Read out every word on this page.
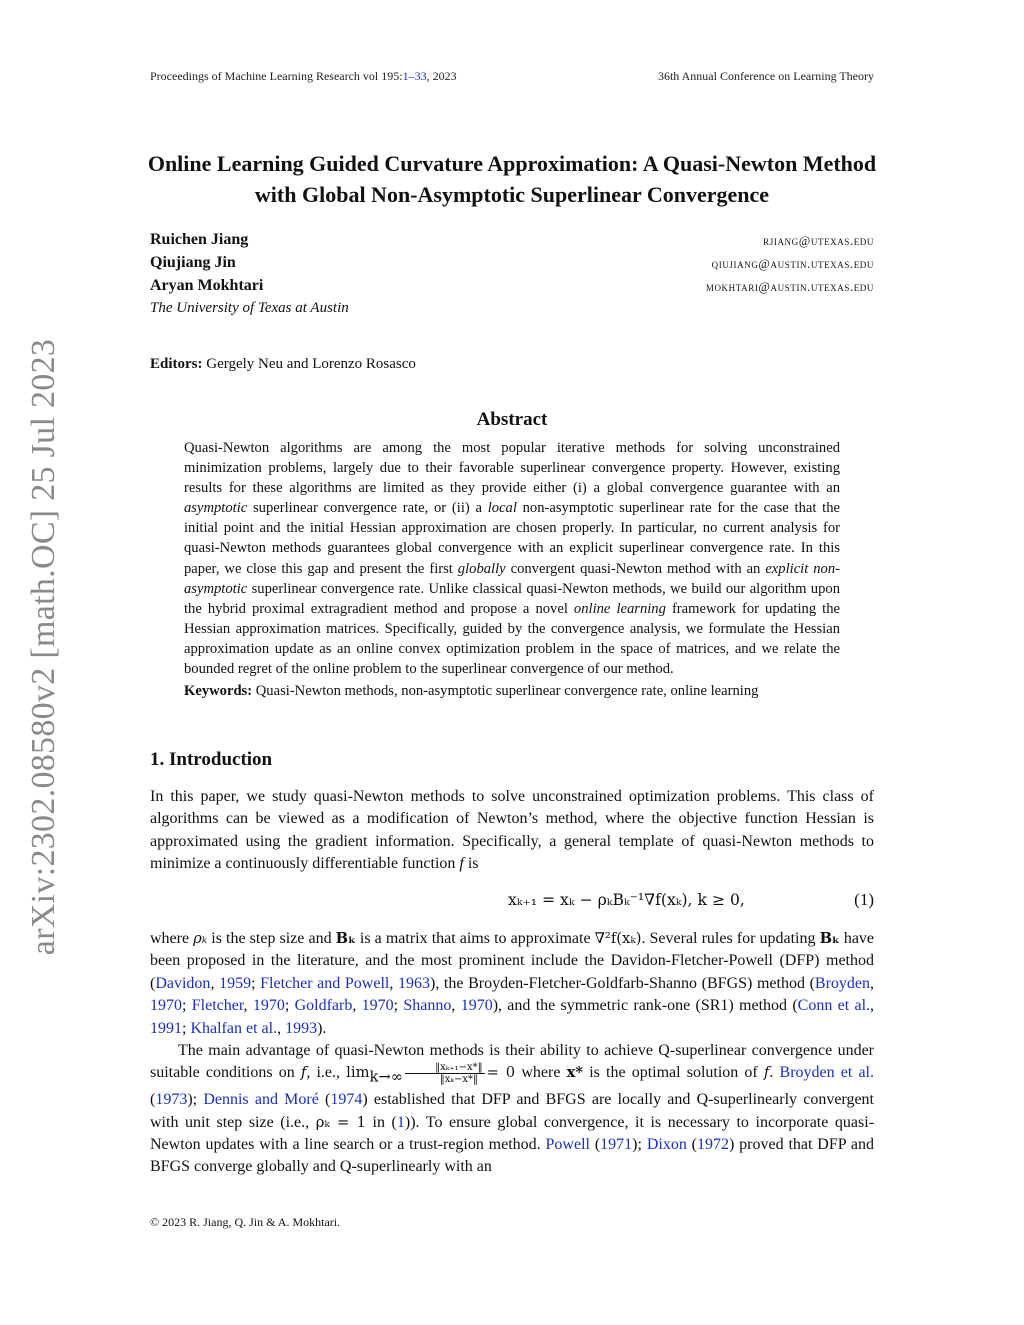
arXiv:2302.08580v2 [math.OC] 25 Jul 2023
Proceedings of Machine Learning Research vol 195:1–33, 2023	36th Annual Conference on Learning Theory
Online Learning Guided Curvature Approximation: A Quasi-Newton Method with Global Non-Asymptotic Superlinear Convergence
Ruichen Jiang	rjiang@utexas.edu
Qiujiang Jin	qiujiang@austin.utexas.edu
Aryan Mokhtari	mokhtari@austin.utexas.edu
The University of Texas at Austin
Editors: Gergely Neu and Lorenzo Rosasco
Abstract

Quasi-Newton algorithms are among the most popular iterative methods for solving unconstrained minimization problems, largely due to their favorable superlinear convergence property. However, existing results for these algorithms are limited as they provide either (i) a global convergence guarantee with an asymptotic superlinear convergence rate, or (ii) a local non-asymptotic superlinear rate for the case that the initial point and the initial Hessian approximation are chosen properly. In particular, no current analysis for quasi-Newton methods guarantees global convergence with an explicit superlinear convergence rate. In this paper, we close this gap and present the first globally convergent quasi-Newton method with an explicit non-asymptotic superlinear convergence rate. Unlike classical quasi-Newton methods, we build our algorithm upon the hybrid proximal extragradient method and propose a novel online learning framework for updating the Hessian approximation matrices. Specifically, guided by the convergence analysis, we formulate the Hessian approximation update as an online convex optimization problem in the space of matrices, and we relate the bounded regret of the online problem to the superlinear convergence of our method.

Keywords: Quasi-Newton methods, non-asymptotic superlinear convergence rate, online learning

1. Introduction

In this paper, we study quasi-Newton methods to solve unconstrained optimization problems. This class of algorithms can be viewed as a modification of Newton’s method, where the objective function Hessian is approximated using the gradient information. Specifically, a general template of quasi-Newton methods to minimize a continuously differentiable function f is

xₖ₊₁ = xₖ − ρₖBₖ⁻¹∇f(xₖ), k ≥ 0,	(1)

where ρₖ is the step size and Bₖ is a matrix that aims to approximate ∇²f(xₖ). Several rules for updating Bₖ have been proposed in the literature, and the most prominent include the Davidon-Fletcher-Powell (DFP) method (Davidon, 1959; Fletcher and Powell, 1963), the Broyden-Fletcher-Goldfarb-Shanno (BFGS) method (Broyden, 1970; Fletcher, 1970; Goldfarb, 1970; Shanno, 1970), and the symmetric rank-one (SR1) method (Conn et al., 1991; Khalfan et al., 1993).

The main advantage of quasi-Newton methods is their ability to achieve Q-superlinear convergence under suitable conditions on f, i.e., $\lim_{k\to\infty} \frac{\text{‖xₖ₊₁−x*‖}}{\text{‖xₖ−x*‖}} = 0$ where x* is the optimal solution of f. Broyden et al. (1973); Dennis and Moré (1974) established that DFP and BFGS are locally and Q-superlinearly convergent with unit step size (i.e., ρₖ = 1 in (1)). To ensure global convergence, it is necessary to incorporate quasi-Newton updates with a line search or a trust-region method. Powell (1971); Dixon (1972) proved that DFP and BFGS converge globally and Q-superlinearly with an

© 2023 R. Jiang, Q. Jin & A. Mokhtari.
